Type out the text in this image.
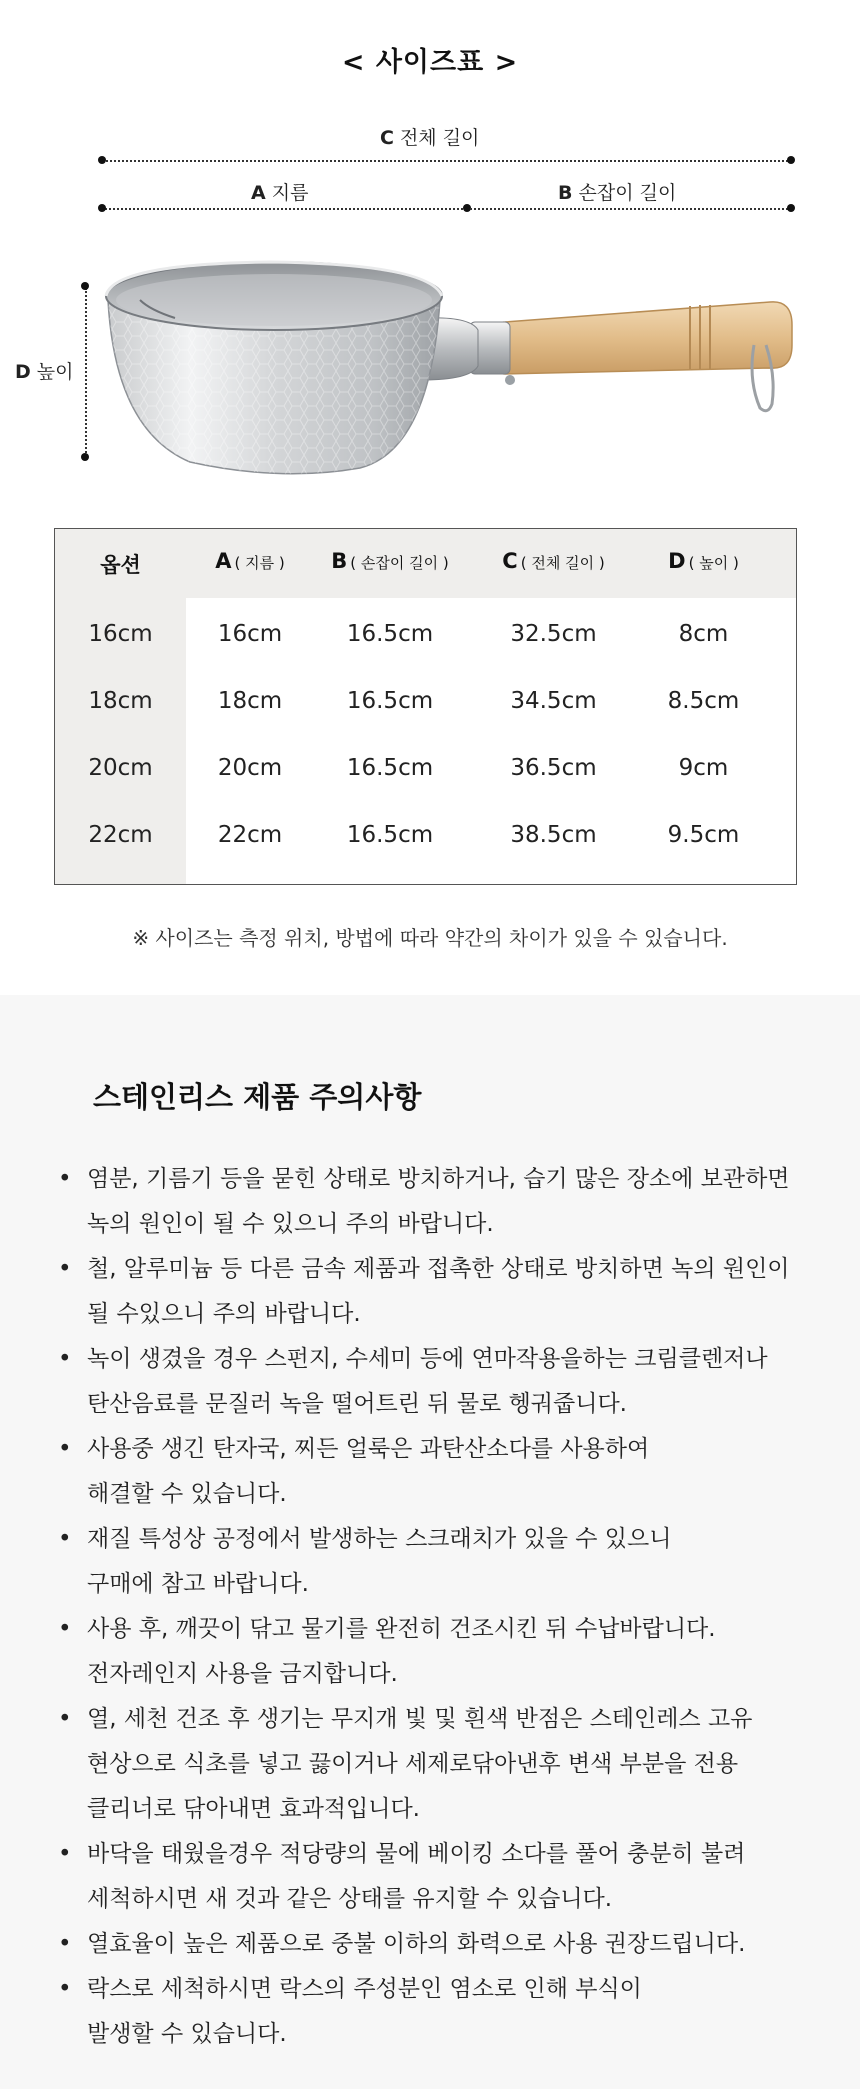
< 사이즈표 >
C 전체 길이
A 지름	B 손잡이 길이
D 높이
옵션	A ( 지름 )	B ( 손잡이 길이 )	C ( 전체 길이 )	D ( 높이 )
16cm	16cm	16.5cm	32.5cm	8cm
18cm	18cm	16.5cm	34.5cm	8.5cm
20cm	20cm	16.5cm	36.5cm	9cm
22cm	22cm	16.5cm	38.5cm	9.5cm
※ 사이즈는 측정 위치, 방법에 따라 약간의 차이가 있을 수 있습니다.
스테인리스 제품 주의사항
• 염분, 기름기 등을 묻힌 상태로 방치하거나, 습기 많은 장소에 보관하면
녹의 원인이 될 수 있으니 주의 바랍니다.
• 철, 알루미늄 등 다른 금속 제품과 접촉한 상태로 방치하면 녹의 원인이
될 수있으니 주의 바랍니다.
• 녹이 생겼을 경우 스펀지, 수세미 등에 연마작용을하는 크림클렌저나
탄산음료를 문질러 녹을 떨어트린 뒤 물로 헹궈줍니다.
• 사용중 생긴 탄자국, 찌든 얼룩은 과탄산소다를 사용하여
해결할 수 있습니다.
• 재질 특성상 공정에서 발생하는 스크래치가 있을 수 있으니
구매에 참고 바랍니다.
• 사용 후, 깨끗이 닦고 물기를 완전히 건조시킨 뒤 수납바랍니다.
전자레인지 사용을 금지합니다.
• 열, 세천 건조 후 생기는 무지개 빛 및 흰색 반점은 스테인레스 고유
현상으로 식초를 넣고 끓이거나 세제로닦아낸후 변색 부분을 전용
클리너로 닦아내면 효과적입니다.
• 바닥을 태웠을경우 적당량의 물에 베이킹 소다를 풀어 충분히 불려
세척하시면 새 것과 같은 상태를 유지할 수 있습니다.
• 열효율이 높은 제품으로 중불 이하의 화력으로 사용 권장드립니다.
• 락스로 세척하시면 락스의 주성분인 염소로 인해 부식이
발생할 수 있습니다.
